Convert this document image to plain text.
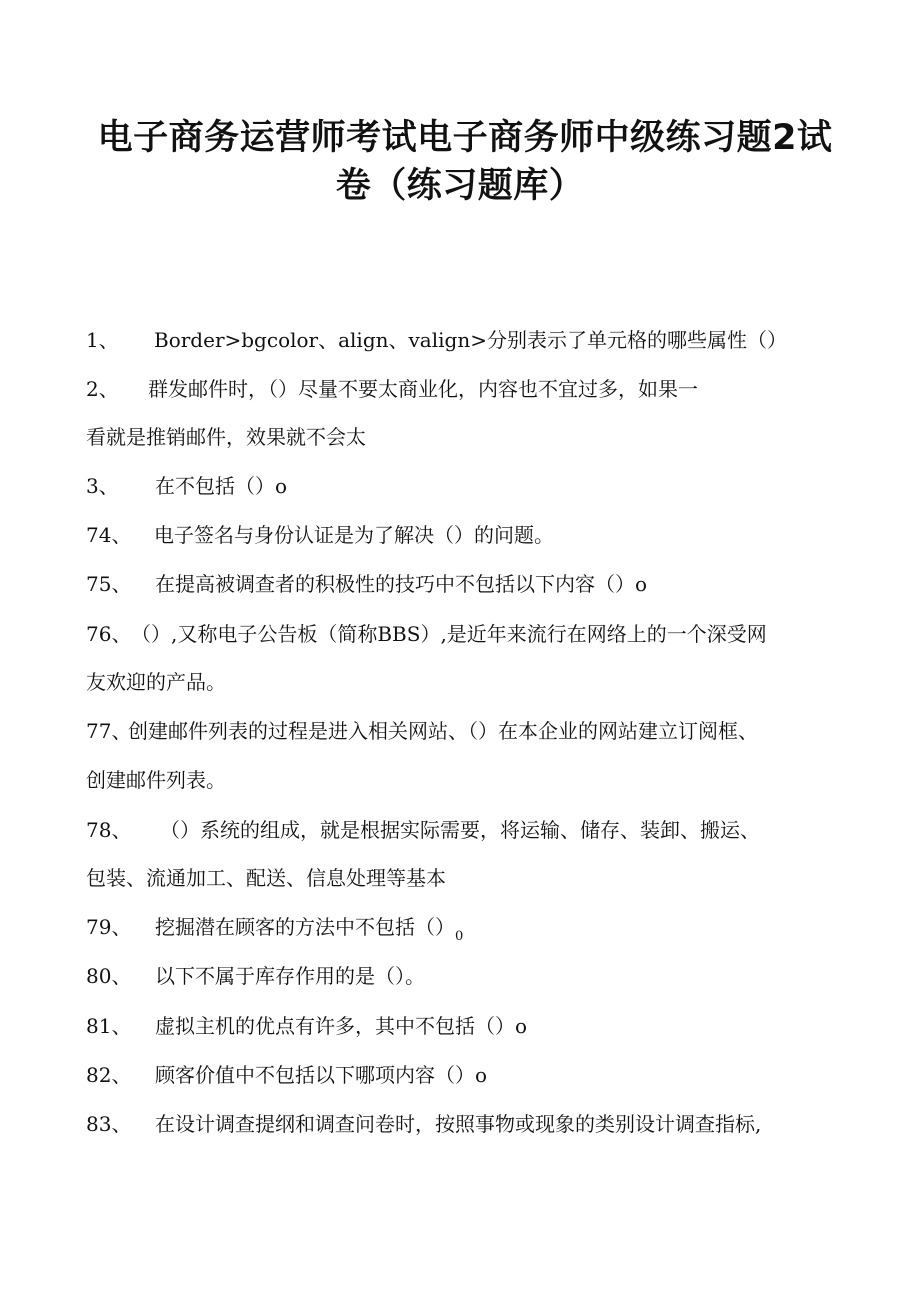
电子商务运营师考试电子商务师中级练习题2试
卷（练习题库）
1、 Border>bgcolor、align、valign>分别表示了单元格的哪些属性（）
2、 群发邮件时，（）尽量不要太商业化，内容也不宜过多，如果一
看就是推销邮件，效果就不会太
3、 在不包括（）o
74、 电子签名与身份认证是为了解决（）的问题。
75、 在提高被调查者的积极性的技巧中不包括以下内容（）o
76、（）,又称电子公告板（简称BBS）,是近年来流行在网络上的一个深受网
友欢迎的产品。
77、创建邮件列表的过程是进入相关网站、（）在本企业的网站建立订阅框、
创建邮件列表。
78、 （）系统的组成，就是根据实际需要，将运输、储存、装卸、搬运、
包装、流通加工、配送、信息处理等基本
79、 挖掘潜在顾客的方法中不包括$()_0$
80、 以下不属于库存作用的是（）。
81、 虚拟主机的优点有许多，其中不包括（）o
82、 顾客价值中不包括以下哪项内容（）o
83、 在设计调查提纲和调查问卷时，按照事物或现象的类别设计调查指标,
